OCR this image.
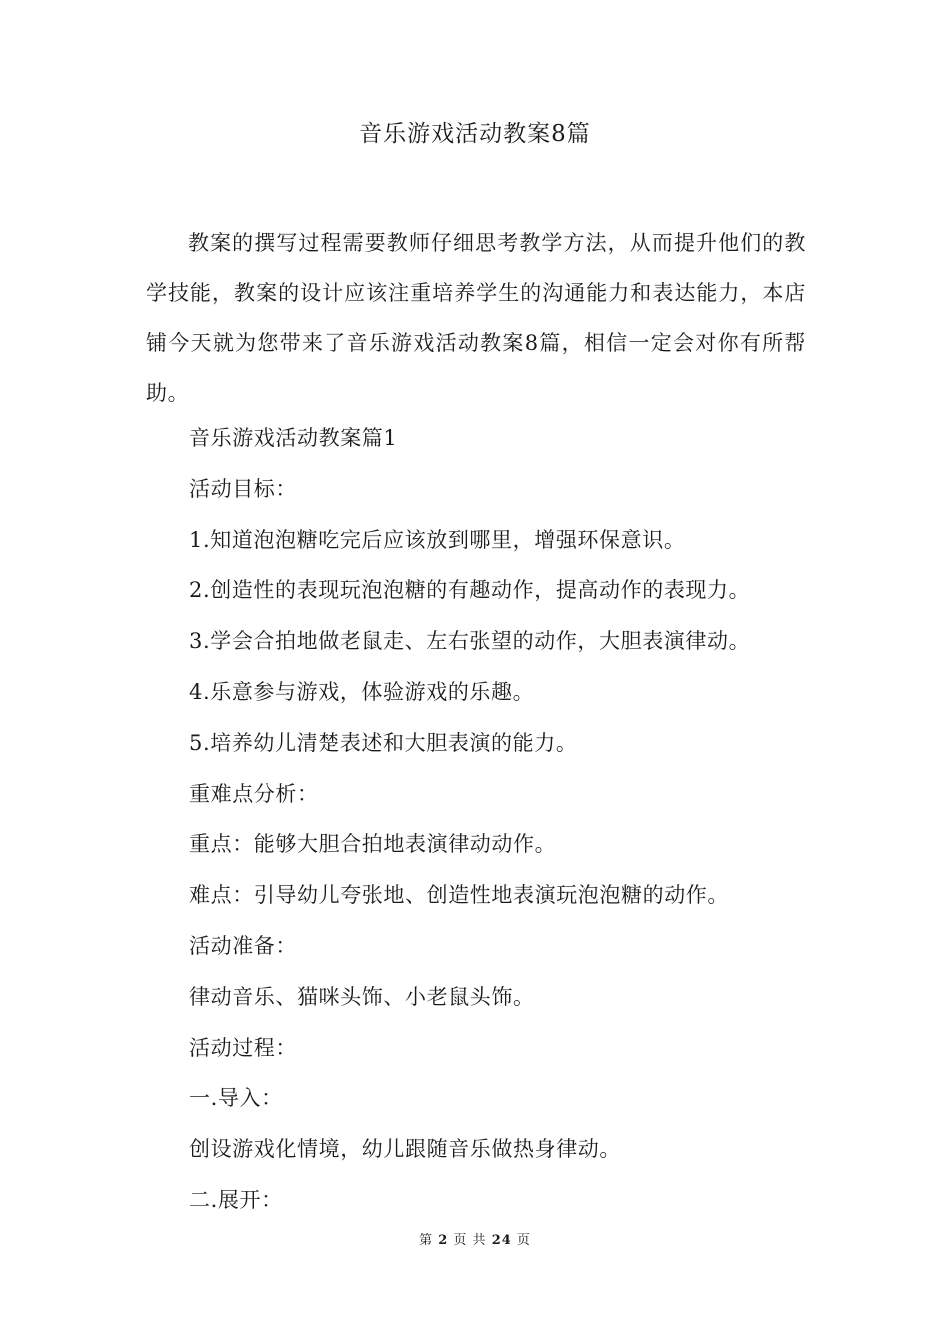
音乐游戏活动教案8篇

教案的撰写过程需要教师仔细思考教学方法，从而提升他们的教学技能，教案的设计应该注重培养学生的沟通能力和表达能力，本店铺今天就为您带来了音乐游戏活动教案8篇，相信一定会对你有所帮助。

音乐游戏活动教案篇1
活动目标：
1.知道泡泡糖吃完后应该放到哪里，增强环保意识。
2.创造性的表现玩泡泡糖的有趣动作，提高动作的表现力。
3.学会合拍地做老鼠走、左右张望的动作，大胆表演律动。
4.乐意参与游戏，体验游戏的乐趣。
5.培养幼儿清楚表述和大胆表演的能力。
重难点分析：
重点：能够大胆合拍地表演律动动作。
难点：引导幼儿夸张地、创造性地表演玩泡泡糖的动作。
活动准备：
律动音乐、猫咪头饰、小老鼠头饰。
活动过程：
一.导入：
创设游戏化情境，幼儿跟随音乐做热身律动。
二.展开：
第 2 页 共 24 页
